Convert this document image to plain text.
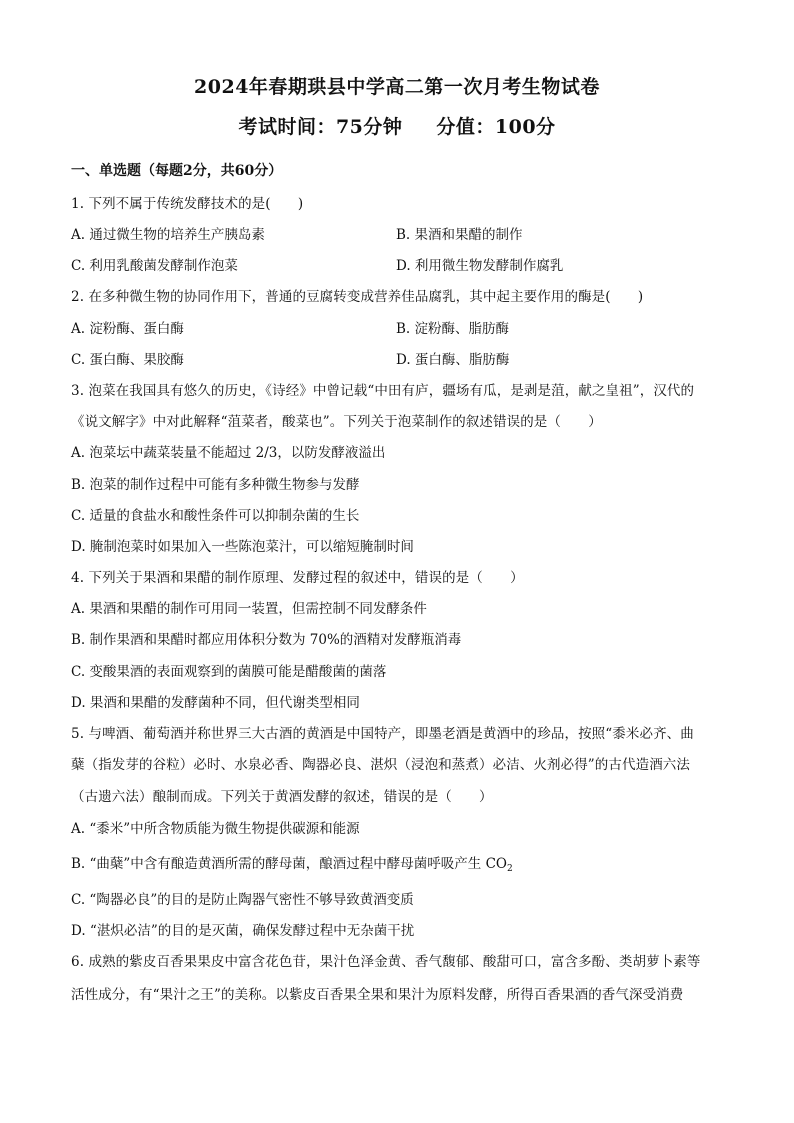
2024年春期珙县中学高二第一次月考生物试卷
考试时间：75分钟 分值：100分
一、单选题（每题2分，共60分）
1. 下列不属于传统发酵技术的是(　　)
A. 通过微生物的培养生产胰岛素	B. 果酒和果醋的制作
C. 利用乳酸菌发酵制作泡菜	D. 利用微生物发酵制作腐乳
2. 在多种微生物的协同作用下，普通的豆腐转变成营养佳品腐乳，其中起主要作用的酶是(　　)
A. 淀粉酶、蛋白酶	B. 淀粉酶、脂肪酶
C. 蛋白酶、果胶酶	D. 蛋白酶、脂肪酶
3. 泡菜在我国具有悠久的历史，《诗经》中曾记载“中田有庐，疆场有瓜，是剥是菹，献之皇祖”，汉代的
《说文解字》中对此解释“菹菜者，酸菜也”。下列关于泡菜制作的叙述错误的是（　　）
A. 泡菜坛中蔬菜装量不能超过 2/3，以防发酵液溢出
B. 泡菜的制作过程中可能有多种微生物参与发酵
C. 适量的食盐水和酸性条件可以抑制杂菌的生长
D. 腌制泡菜时如果加入一些陈泡菜汁，可以缩短腌制时间
4. 下列关于果酒和果醋的制作原理、发酵过程的叙述中，错误的是（　　）
A. 果酒和果醋的制作可用同一装置，但需控制不同发酵条件
B. 制作果酒和果醋时都应用体积分数为 70%的酒精对发酵瓶消毒
C. 变酸果酒的表面观察到的菌膜可能是醋酸菌的菌落
D. 果酒和果醋的发酵菌种不同，但代谢类型相同
5. 与啤酒、葡萄酒并称世界三大古酒的黄酒是中国特产，即墨老酒是黄酒中的珍品，按照“黍米必齐、曲
蘖（指发芽的谷粒）必时、水泉必香、陶器必良、湛炽（浸泡和蒸煮）必洁、火剂必得”的古代造酒六法
（古遗六法）酿制而成。下列关于黄酒发酵的叙述，错误的是（　　）
A. “黍米”中所含物质能为微生物提供碳源和能源
B. “曲蘖”中含有酿造黄酒所需的酵母菌，酿酒过程中酵母菌呼吸产生 $CO_2$
C. “陶器必良”的目的是防止陶器气密性不够导致黄酒变质
D. “湛炽必洁”的目的是灭菌，确保发酵过程中无杂菌干扰
6. 成熟的紫皮百香果果皮中富含花色苷，果汁色泽金黄、香气馥郁、酸甜可口，富含多酚、类胡萝卜素等
活性成分，有“果汁之王”的美称。以紫皮百香果全果和果汁为原料发酵，所得百香果酒的香气深受消费
